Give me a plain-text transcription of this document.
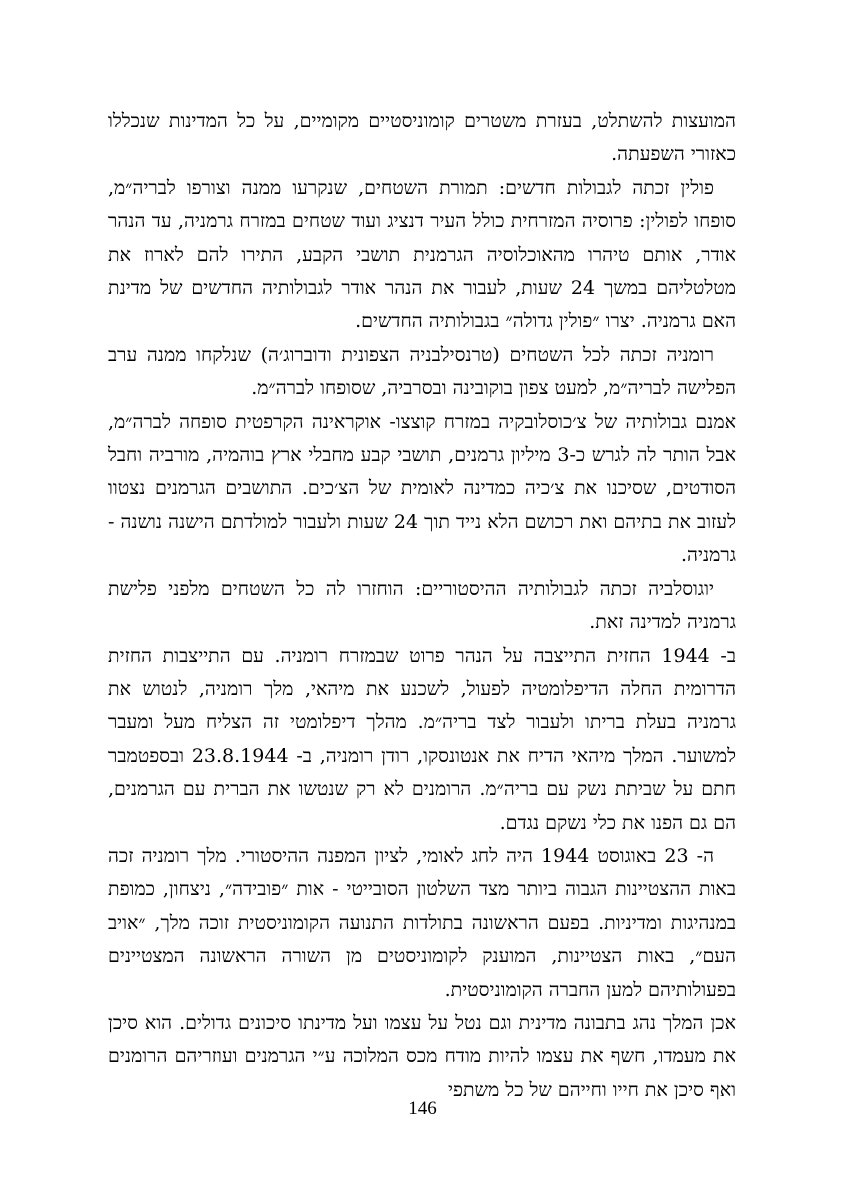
המועצות להשתלט, בעזרת משטרים קומוניסטיים מקומיים, על כל המדינות שנכללו כאזורי השפעתה.

פולין זכתה לגבולות חדשים: תמורת השטחים, שנקרעו ממנה וצורפו לבריה״מ, סופחו לפולין: פרוסיה המזרחית כולל העיר דנציג ועוד שטחים במזרח גרמניה, עד הנהר אודר, אותם טיהרו מהאוכלוסיה הגרמנית תושבי הקבע, התירו להם לארוז את מטלטליהם במשך 24 שעות, לעבור את הנהר אודר לגבולותיה החדשים של מדינת האם גרמניה. יצרו ״פולין גדולה״ בגבולותיה החדשים.

רומניה זכתה לכל השטחים (טרנסילבניה הצפונית ודוברוג׳ה) שנלקחו ממנה ערב הפלישה לבריה״מ, למעט צפון בוקובינה ובסרביה, שסופחו לברה״מ.

אמנם גבולותיה של צ׳כוסלובקיה במזרח קוצצו- אוקראינה הקרפטית סופחה לברה״מ, אבל הותר לה לגרש כ-3 מיליון גרמנים, תושבי קבע מחבלי ארץ בוהמיה, מורביה וחבל הסודטים, שסיכנו את צ׳כיה כמדינה לאומית של הצ׳כים. התושבים הגרמנים נצטוו לעזוב את בתיהם ואת רכושם הלא נייד תוך 24 שעות ולעבור למולדתם הישנה נושנה - גרמניה.

יוגוסלביה זכתה לגבולותיה ההיסטוריים: הוחזרו לה כל השטחים מלפני פלישת גרמניה למדינה זאת.

ב- 1944 החזית התייצבה על הנהר פרוט שבמזרח רומניה. עם התייצבות החזית הדרומית החלה הדיפלומטיה לפעול, לשכנע את מיהאי, מלך רומניה, לנטוש את גרמניה בעלת בריתו ולעבור לצד בריה״מ. מהלך דיפלומטי זה הצליח מעל ומעבר למשוער. המלך מיהאי הדיח את אנטונסקו, רודן רומניה, ב- 23.8.1944 ובספטמבר חתם על שביתת נשק עם בריה״מ. הרומנים לא רק שנטשו את הברית עם הגרמנים, הם גם הפנו את כלי נשקם נגדם.

ה- 23 באוגוסט 1944 היה לחג לאומי, לציון המפנה ההיסטורי. מלך רומניה זכה באות ההצטיינות הגבוה ביותר מצד השלטון הסובייטי - אות ״פובידה״, ניצחון, כמופת במנהיגות ומדיניות. בפעם הראשונה בתולדות התנועה הקומוניסטית זוכה מלך, ״אויב העם״, באות הצטיינות, המוענק לקומוניסטים מן השורה הראשונה המצטיינים בפעולותיהם למען החברה הקומוניסטית.

אכן המלך נהג בתבונה מדינית וגם נטל על עצמו ועל מדינתו סיכונים גדולים. הוא סיכן את מעמדו, חשף את עצמו להיות מודח מכס המלוכה ע״י הגרמנים ועוזריהם הרומנים ואף סיכן את חייו וחייהם של כל משתפי

146
